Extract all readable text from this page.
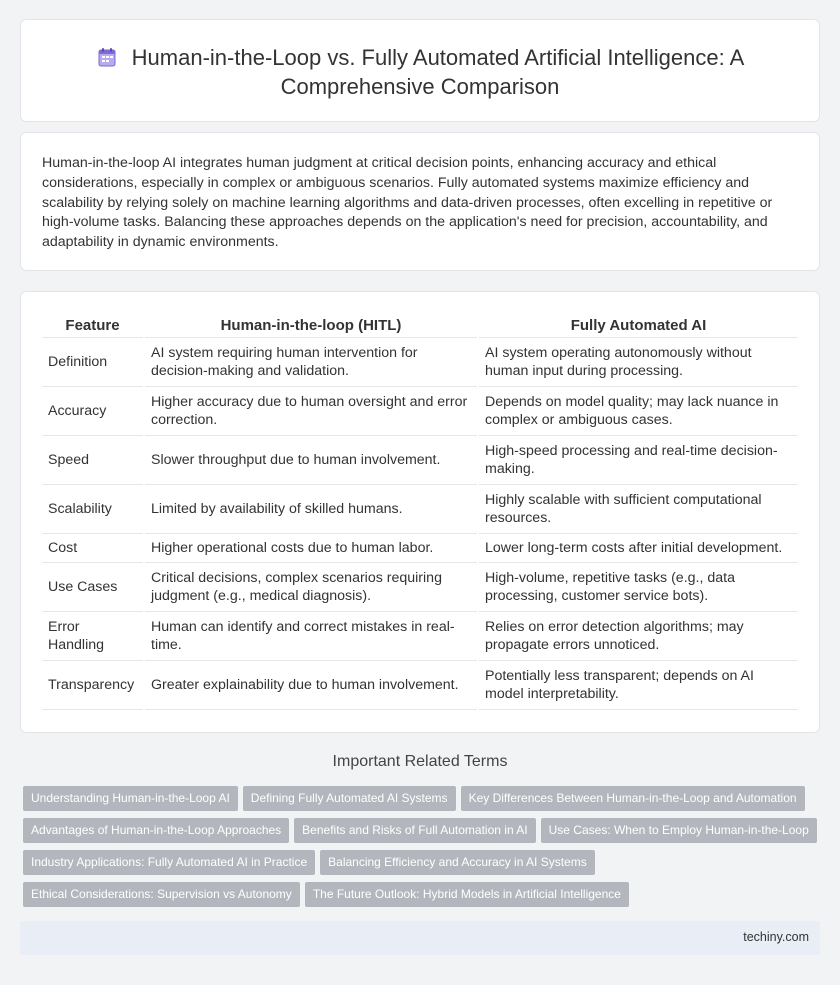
Human-in-the-Loop vs. Fully Automated Artificial Intelligence: A Comprehensive Comparison

Human-in-the-loop AI integrates human judgment at critical decision points, enhancing accuracy and ethical considerations, especially in complex or ambiguous scenarios. Fully automated systems maximize efficiency and scalability by relying solely on machine learning algorithms and data-driven processes, often excelling in repetitive or high-volume tasks. Balancing these approaches depends on the application's need for precision, accountability, and adaptability in dynamic environments.

Feature	Human-in-the-loop (HITL)	Fully Automated AI
Definition	AI system requiring human intervention for decision-making and validation.	AI system operating autonomously without human input during processing.
Accuracy	Higher accuracy due to human oversight and error correction.	Depends on model quality; may lack nuance in complex or ambiguous cases.
Speed	Slower throughput due to human involvement.	High-speed processing and real-time decision-making.
Scalability	Limited by availability of skilled humans.	Highly scalable with sufficient computational resources.
Cost	Higher operational costs due to human labor.	Lower long-term costs after initial development.
Use Cases	Critical decisions, complex scenarios requiring judgment (e.g., medical diagnosis).	High-volume, repetitive tasks (e.g., data processing, customer service bots).
Error Handling	Human can identify and correct mistakes in real-time.	Relies on error detection algorithms; may propagate errors unnoticed.
Transparency	Greater explainability due to human involvement.	Potentially less transparent; depends on AI model interpretability.
Important Related Terms
Understanding Human-in-the-Loop AI Defining Fully Automated AI Systems Key Differences Between Human-in-the-Loop and Automation
Advantages of Human-in-the-Loop Approaches Benefits and Risks of Full Automation in AI Use Cases: When to Employ Human-in-the-Loop
Industry Applications: Fully Automated AI in Practice Balancing Efficiency and Accuracy in AI Systems
Ethical Considerations: Supervision vs Autonomy The Future Outlook: Hybrid Models in Artificial Intelligence
techiny.com
